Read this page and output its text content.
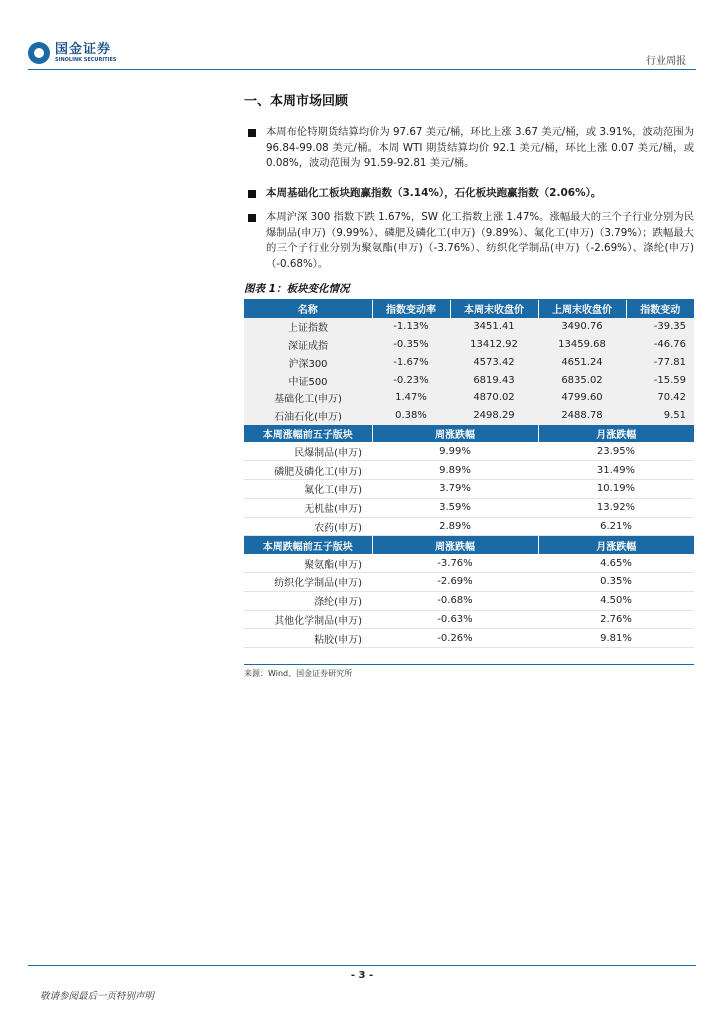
国金证券
SINOLINK SECURITIES	行业周报
一、本周市场回顾
本周布伦特期货结算均价为 97.67 美元/桶，环比上涨 3.67 美元/桶，或 3.91%，波动范围为 96.84-99.08 美元/桶。本周 WTI 期货结算均价 92.1 美元/桶，环比上涨 0.07 美元/桶，或 0.08%，波动范围为 91.59-92.81 美元/桶。
本周基础化工板块跑赢指数（3.14%），石化板块跑赢指数（2.06%）。
本周沪深 300 指数下跌 1.67%，SW 化工指数上涨 1.47%。涨幅最大的三个子行业分别为民爆制品(申万)（9.99%）、磷肥及磷化工(申万)（9.89%）、氟化工(申万)（3.79%）；跌幅最大的三个子行业分别为聚氨酯(申万)（-3.76%）、纺织化学制品(申万)（-2.69%）、涤纶(申万)（-0.68%）。
图表 1：板块变化情况
名称	指数变动率	本周末收盘价	上周末收盘价	指数变动
上证指数	-1.13%	3451.41	3490.76	-39.35
深证成指	-0.35%	13412.92	13459.68	-46.76
沪深300	-1.67%	4573.42	4651.24	-77.81
中证500	-0.23%	6819.43	6835.02	-15.59
基础化工(申万)	1.47%	4870.02	4799.60	70.42
石油石化(申万)	0.38%	2498.29	2488.78	9.51
本周涨幅前五子版块	周涨跌幅		月涨跌幅	
民爆制品(申万)	9.99%		23.95%	
磷肥及磷化工(申万)	9.89%		31.49%	
氟化工(申万)	3.79%		10.19%	
无机盐(申万)	3.59%		13.92%	
农药(申万)	2.89%		6.21%	
本周跌幅前五子版块	周涨跌幅		月涨跌幅	
聚氨酯(申万)	-3.76%		4.65%	
纺织化学制品(申万)	-2.69%		0.35%	
涤纶(申万)	-0.68%		4.50%	
其他化学制品(申万)	-0.63%		2.76%	
粘胶(申万)	-0.26%		9.81%	
来源：Wind、国金证券研究所
- 3 -
敬请参阅最后一页特别声明
